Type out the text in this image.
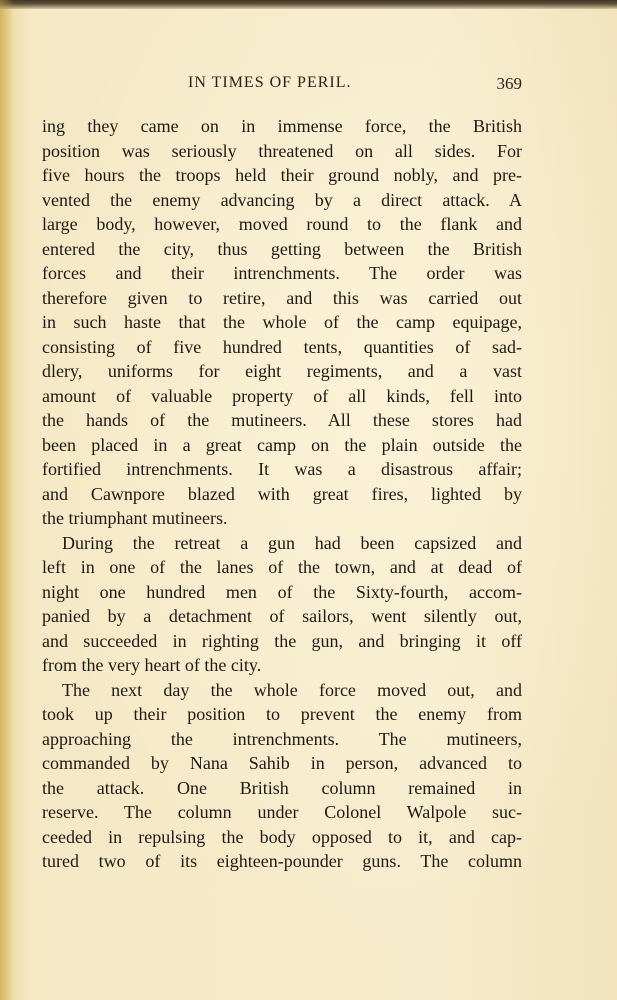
IN TIMES OF PERIL.	369
ing they came on in immense force, the British
position was seriously threatened on all sides. For
five hours the troops held their ground nobly, and pre-
vented the enemy advancing by a direct attack. A
large body, however, moved round to the flank and
entered the city, thus getting between the British
forces and their intrenchments. The order was
therefore given to retire, and this was carried out
in such haste that the whole of the camp equipage,
consisting of five hundred tents, quantities of sad-
dlery, uniforms for eight regiments, and a vast
amount of valuable property of all kinds, fell into
the hands of the mutineers. All these stores had
been placed in a great camp on the plain outside the
fortified intrenchments. It was a disastrous affair;
and Cawnpore blazed with great fires, lighted by
the triumphant mutineers.
During the retreat a gun had been capsized and
left in one of the lanes of the town, and at dead of
night one hundred men of the Sixty-fourth, accom-
panied by a detachment of sailors, went silently out,
and succeeded in righting the gun, and bringing it off
from the very heart of the city.
The next day the whole force moved out, and
took up their position to prevent the enemy from
approaching the intrenchments. The mutineers,
commanded by Nana Sahib in person, advanced to
the attack. One British column remained in
reserve. The column under Colonel Walpole suc-
ceeded in repulsing the body opposed to it, and cap-
tured two of its eighteen-pounder guns. The column
